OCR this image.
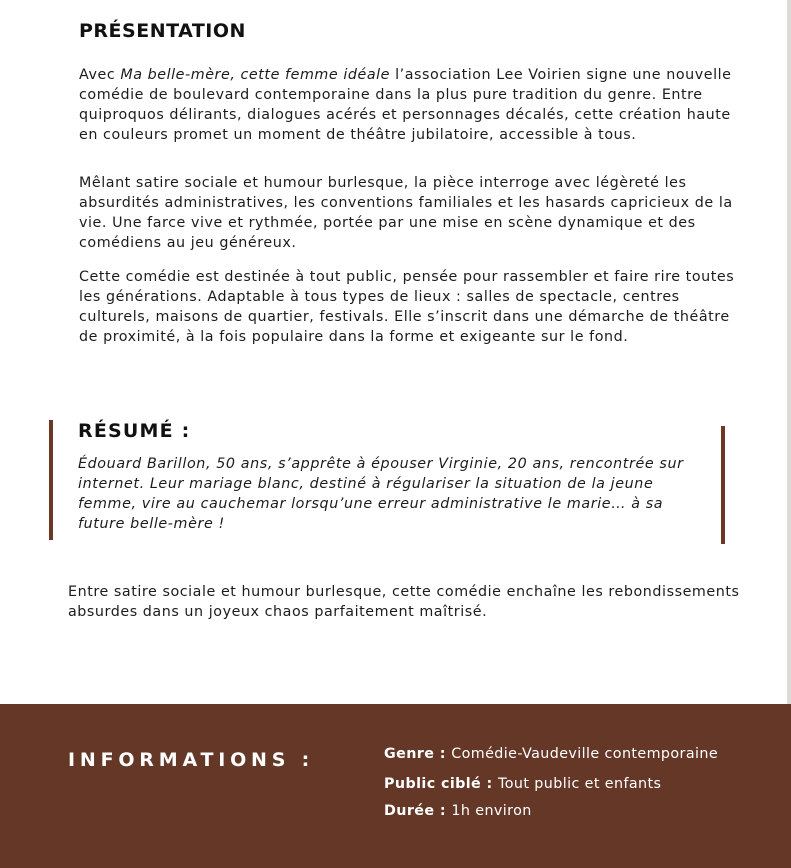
PRÉSENTATION

Avec Ma belle-mère, cette femme idéale l’association Lee Voirien signe une nouvelle comédie de boulevard contemporaine dans la plus pure tradition du genre. Entre quiproquos délirants, dialogues acérés et personnages décalés, cette création haute en couleurs promet un moment de théâtre jubilatoire, accessible à tous.

Mêlant satire sociale et humour burlesque, la pièce interroge avec légèreté les absurdités administratives, les conventions familiales et les hasards capricieux de la vie. Une farce vive et rythmée, portée par une mise en scène dynamique et des comédiens au jeu généreux.

Cette comédie est destinée à tout public, pensée pour rassembler et faire rire toutes les générations. Adaptable à tous types de lieux : salles de spectacle, centres culturels, maisons de quartier, festivals. Elle s’inscrit dans une démarche de théâtre de proximité, à la fois populaire dans la forme et exigeante sur le fond.

RÉSUMÉ :

Édouard Barillon, 50 ans, s’apprête à épouser Virginie, 20 ans, rencontrée sur internet. Leur mariage blanc, destiné à régulariser la situation de la jeune femme, vire au cauchemar lorsqu’une erreur administrative le marie… à sa future belle-mère !

Entre satire sociale et humour burlesque, cette comédie enchaîne les rebondissements absurdes dans un joyeux chaos parfaitement maîtrisé.

INFORMATIONS :	Genre : Comédie-Vaudeville contemporaine
Public ciblé : Tout public et enfants
Durée : 1h environ
